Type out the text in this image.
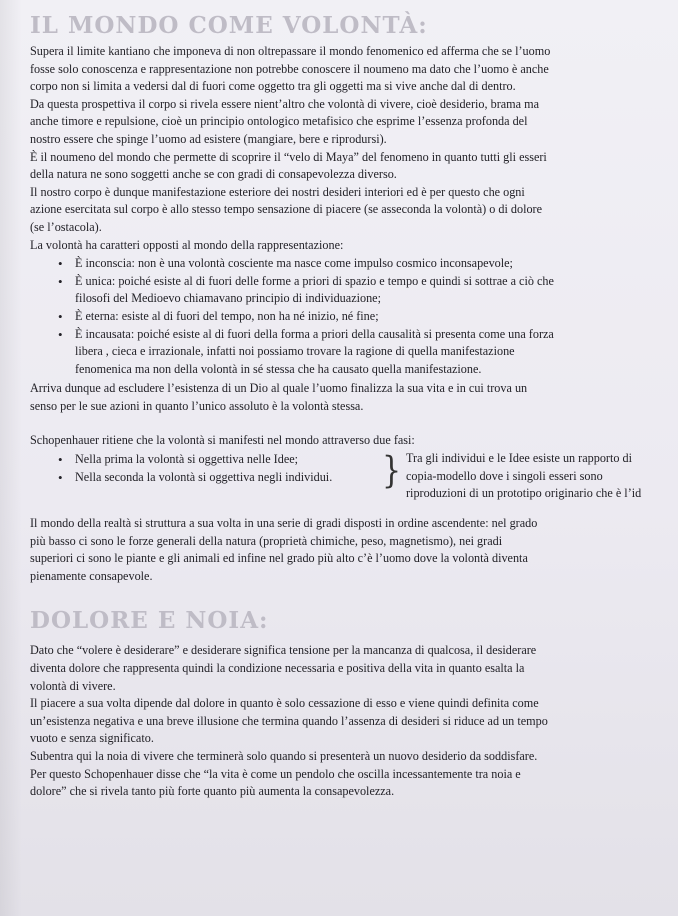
IL MONDO COME VOLONTÀ:
Supera il limite kantiano che imponeva di non oltrepassare il mondo fenomenico ed afferma che se l’uomo
fosse solo conoscenza e rappresentazione non potrebbe conoscere il noumeno ma dato che l’uomo è anche
corpo non si limita a vedersi dal di fuori come oggetto tra gli oggetti ma si vive anche dal di dentro.
Da questa prospettiva il corpo si rivela essere nient’altro che volontà di vivere, cioè desiderio, brama ma
anche timore e repulsione, cioè un principio ontologico metafisico che esprime l’essenza profonda del
nostro essere che spinge l’uomo ad esistere (mangiare, bere e riprodursi).
È il noumeno del mondo che permette di scoprire il “velo di Maya” del fenomeno in quanto tutti gli esseri
della natura ne sono soggetti anche se con gradi di consapevolezza diverso.
Il nostro corpo è dunque manifestazione esteriore dei nostri desideri interiori ed è per questo che ogni
azione esercitata sul corpo è allo stesso tempo sensazione di piacere (se asseconda la volontà) o di dolore
(se l’ostacola).
La volontà ha caratteri opposti al mondo della rappresentazione:
• È inconscia: non è una volontà cosciente ma nasce come impulso cosmico inconsapevole;
• È unica: poiché esiste al di fuori delle forme a priori di spazio e tempo e quindi si sottrae a ciò che
filosofi del Medioevo chiamavano principio di individuazione;
• È eterna: esiste al di fuori del tempo, non ha né inizio, né fine;
• È incausata: poiché esiste al di fuori della forma a priori della causalità si presenta come una forza
libera , cieca e irrazionale, infatti noi possiamo trovare la ragione di quella manifestazione
fenomenica ma non della volontà in sé stessa che ha causato quella manifestazione.
Arriva dunque ad escludere l’esistenza di un Dio al quale l’uomo finalizza la sua vita e in cui trova un
senso per le sue azioni in quanto l’unico assoluto è la volontà stessa.
Schopenhauer ritiene che la volontà si manifesti nel mondo attraverso due fasi:
• Nella prima la volontà si oggettiva nelle Idee;
• Nella seconda la volontà si oggettiva negli individui. } Tra gli individui e le Idee esiste un rapporto di
copia-modello dove i singoli esseri sono
riproduzioni di un prototipo originario che è l’id
Il mondo della realtà si struttura a sua volta in una serie di gradi disposti in ordine ascendente: nel grado
più basso ci sono le forze generali della natura (proprietà chimiche, peso, magnetismo), nei gradi
superiori ci sono le piante e gli animali ed infine nel grado più alto c’è l’uomo dove la volontà diventa
pienamente consapevole.
DOLORE E NOIA:
Dato che “volere è desiderare” e desiderare significa tensione per la mancanza di qualcosa, il desiderare
diventa dolore che rappresenta quindi la condizione necessaria e positiva della vita in quanto esalta la
volontà di vivere.
Il piacere a sua volta dipende dal dolore in quanto è solo cessazione di esso e viene quindi definita come
un’esistenza negativa e una breve illusione che termina quando l’assenza di desideri si riduce ad un tempo
vuoto e senza significato.
Subentra qui la noia di vivere che terminerà solo quando si presenterà un nuovo desiderio da soddisfare.
Per questo Schopenhauer disse che “la vita è come un pendolo che oscilla incessantemente tra noia e
dolore” che si rivela tanto più forte quanto più aumenta la consapevolezza.
